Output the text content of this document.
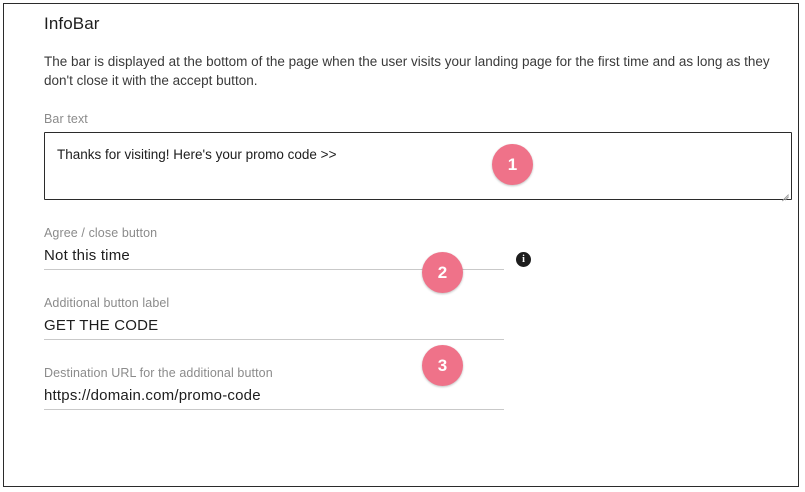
InfoBar

The bar is displayed at the bottom of the page when the user visits your landing page for the first time and as long as they don't close it with the accept button.

Bar text
Thanks for visiting! Here's your promo code >>
Agree / close button
Not this time	i
Additional button label
GET THE CODE
Destination URL for the additional button
https://domain.com/promo-code
1
2
3
